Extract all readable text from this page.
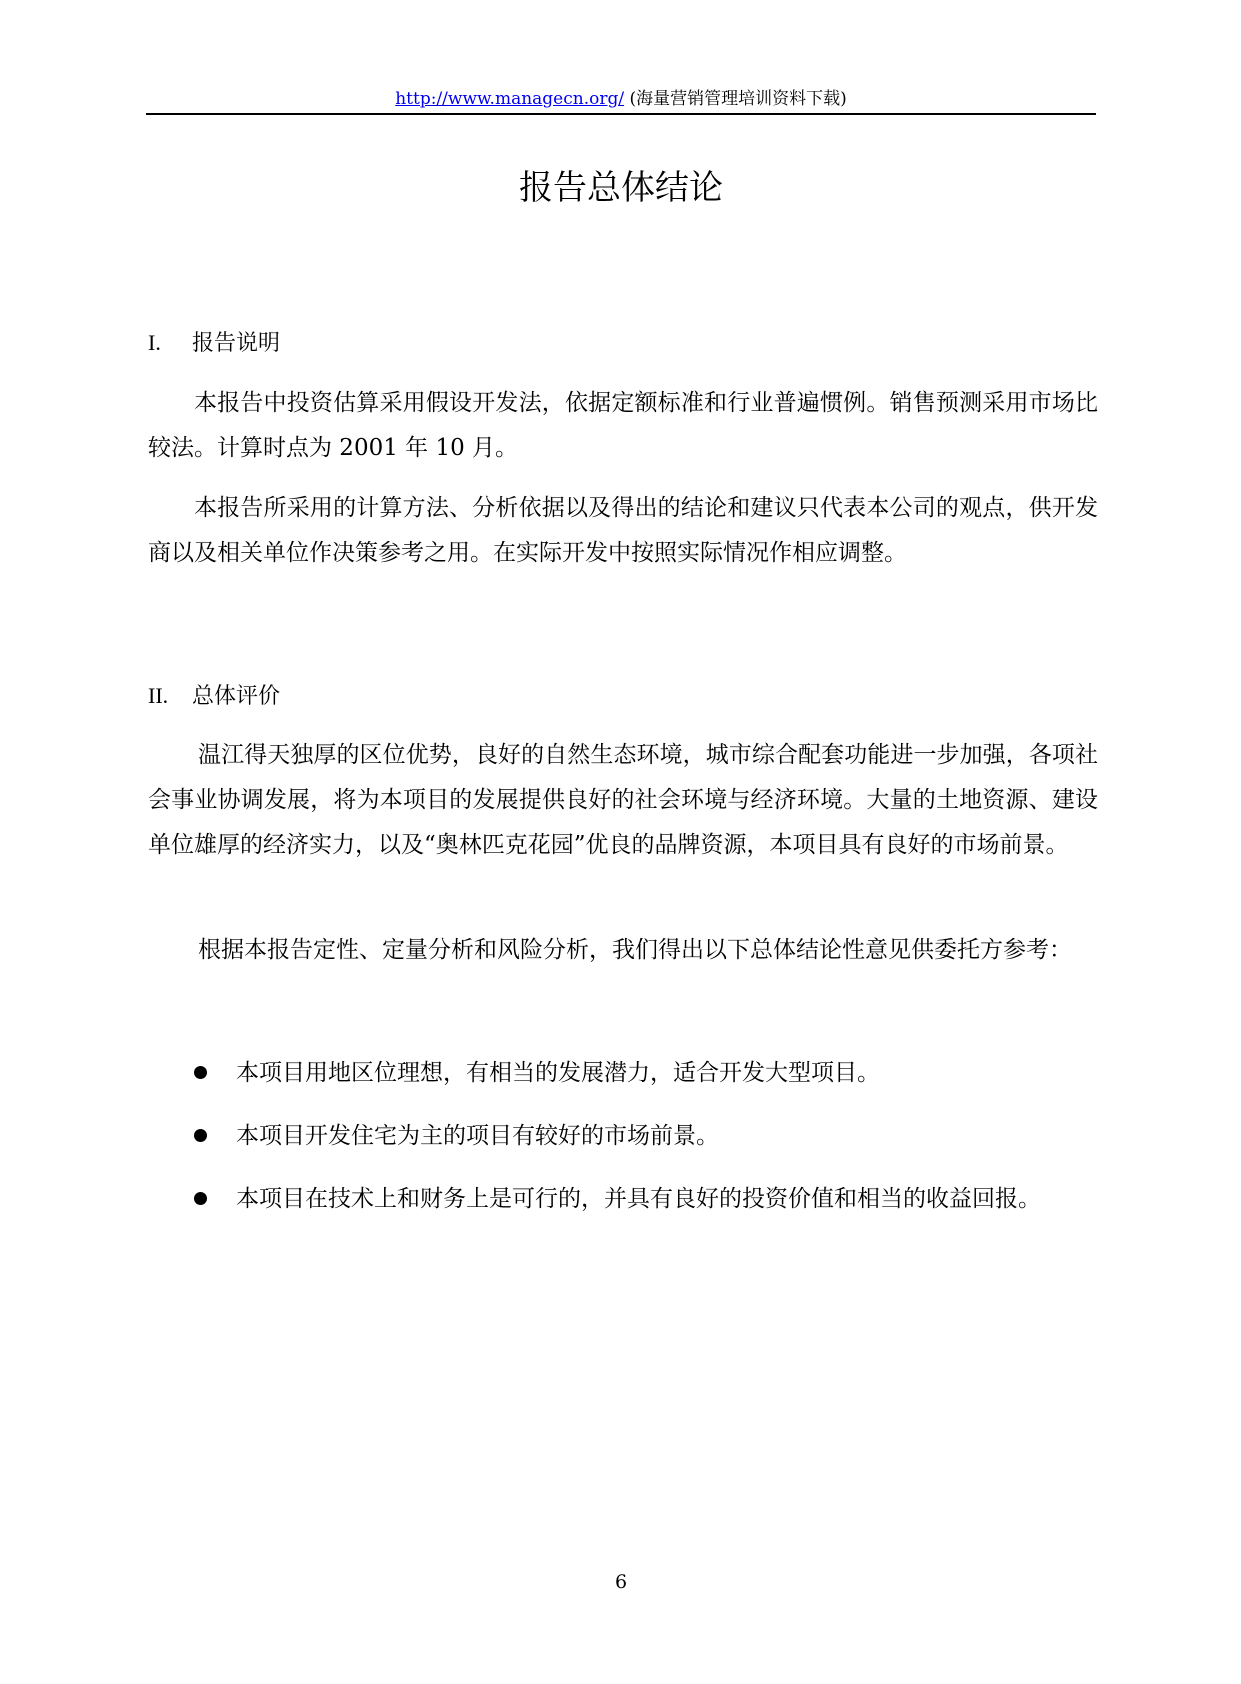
http://www.managecn.org/ (海量营销管理培训资料下载)
报告总体结论
I. 报告说明

本报告中投资估算采用假设开发法，依据定额标准和行业普遍惯例。销售预测采用市场比较法。计算时点为 2001 年 10 月。

本报告所采用的计算方法、分析依据以及得出的结论和建议只代表本公司的观点，供开发商以及相关单位作决策参考之用。在实际开发中按照实际情况作相应调整。

II. 总体评价

温江得天独厚的区位优势，良好的自然生态环境，城市综合配套功能进一步加强，各项社会事业协调发展，将为本项目的发展提供良好的社会环境与经济环境。大量的土地资源、建设单位雄厚的经济实力，以及“奥林匹克花园”优良的品牌资源，本项目具有良好的市场前景。

根据本报告定性、定量分析和风险分析，我们得出以下总体结论性意见供委托方参考：

本项目用地区位理想，有相当的发展潜力，适合开发大型项目。
本项目开发住宅为主的项目有较好的市场前景。
本项目在技术上和财务上是可行的，并具有良好的投资价值和相当的收益回报。
6
